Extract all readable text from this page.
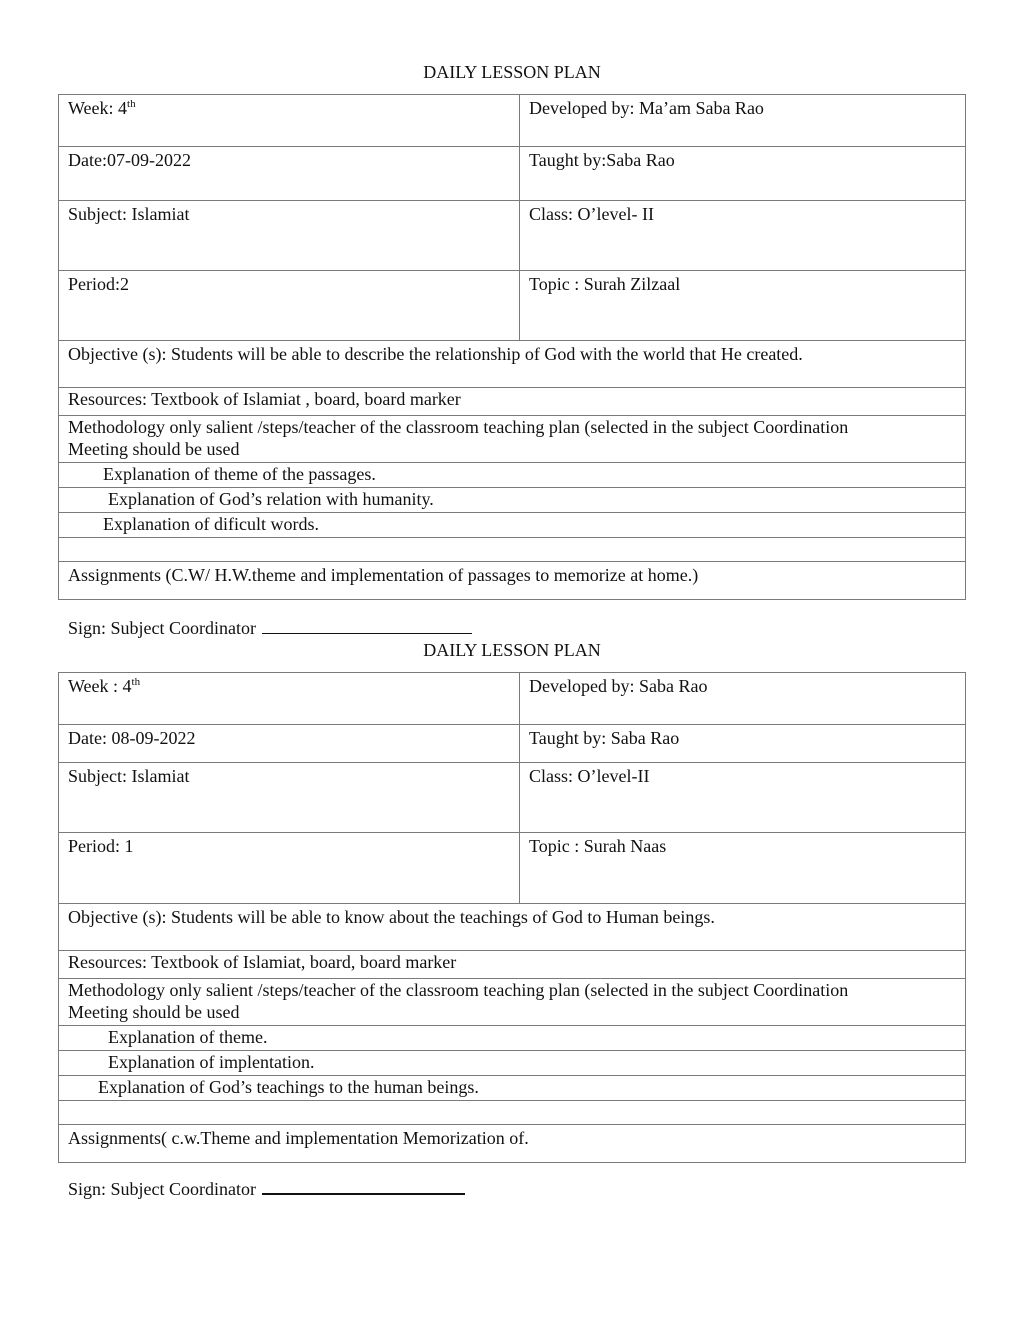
DAILY LESSON PLAN
Week: 4th	Developed by: Ma’am Saba Rao

Date:07-09-2022	Taught by:Saba Rao

Subject: Islamiat	Class: O’level- II

Period:2	Topic : Surah Zilzaal

Objective (s): Students will be able to describe the relationship of God with the world that He created.	

Resources: Textbook of Islamiat , board, board marker	

Methodology only salient /steps/teacher of the classroom teaching plan (selected in the subject Coordination
Meeting should be used	

Explanation of theme of the passages.	
Explanation of God’s relation with humanity.	
Explanation of dificult words.	

Assignments (C.W/ H.W.theme and implementation of passages to memorize at home.)	
Sign: Subject Coordinator
DAILY LESSON PLAN
Week : 4th	Developed by: Saba Rao

Date: 08-09-2022	Taught by: Saba Rao

Subject: Islamiat	Class: O’level-II

Period: 1	Topic : Surah Naas

Objective (s): Students will be able to know about the teachings of God to Human beings.	

Resources: Textbook of Islamiat, board, board marker	

Methodology only salient /steps/teacher of the classroom teaching plan (selected in the subject Coordination
Meeting should be used	

Explanation of theme.	
Explanation of implentation.	
Explanation of God’s teachings to the human beings.	

Assignments( c.w.Theme and implementation Memorization of.	
Sign: Subject Coordinator
